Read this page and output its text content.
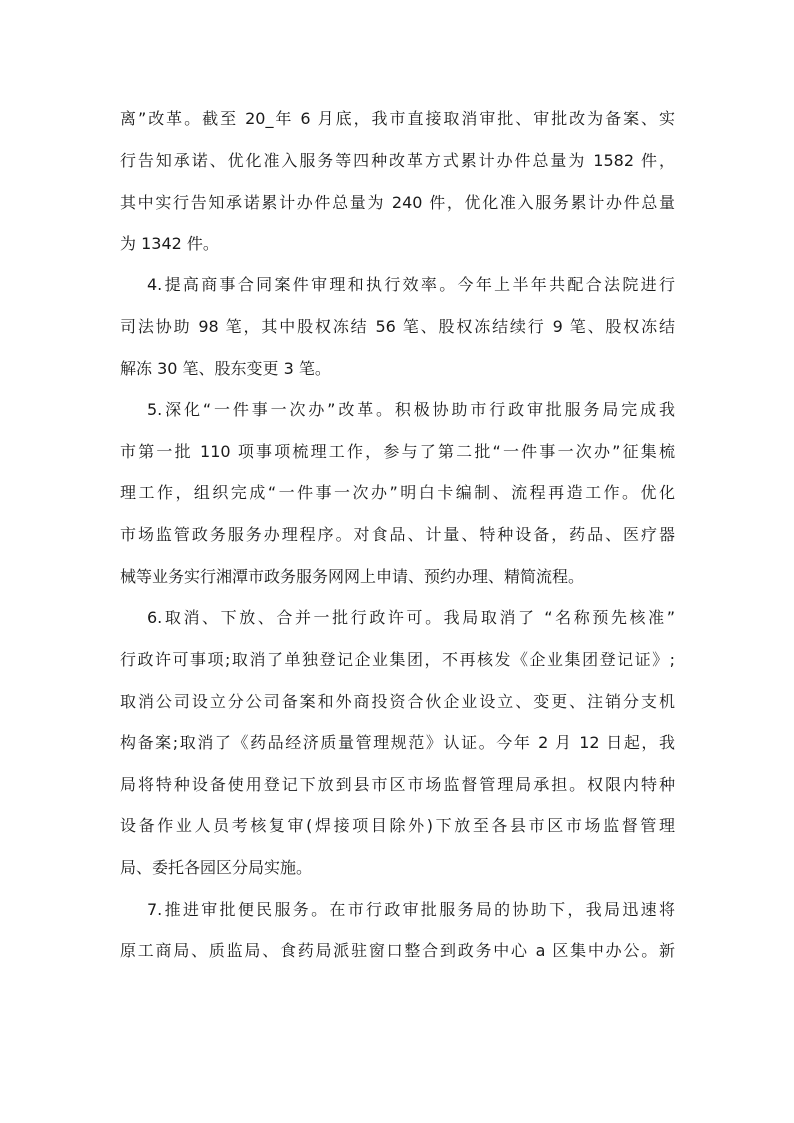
离”改革。截至 20_年 6 月底，我市直接取消审批、审批改为备案、实
行告知承诺、优化准入服务等四种改革方式累计办件总量为 1582 件，
其中实行告知承诺累计办件总量为 240 件，优化准入服务累计办件总量
为 1342 件。
4.提高商事合同案件审理和执行效率。今年上半年共配合法院进行
司法协助 98 笔，其中股权冻结 56 笔、股权冻结续行 9 笔、股权冻结
解冻 30 笔、股东变更 3 笔。
5.深化“一件事一次办”改革。积极协助市行政审批服务局完成我
市第一批 110 项事项梳理工作，参与了第二批“一件事一次办”征集梳
理工作，组织完成“一件事一次办”明白卡编制、流程再造工作。优化
市场监管政务服务办理程序。对食品、计量、特种设备，药品、医疗器
械等业务实行湘潭市政务服务网网上申请、预约办理、精简流程。
6.取消、下放、合并一批行政许可。我局取消了 “名称预先核准”
行政许可事项;取消了单独登记企业集团，不再核发《企业集团登记证》;
取消公司设立分公司备案和外商投资合伙企业设立、变更、注销分支机
构备案;取消了《药品经济质量管理规范》认证。今年 2 月 12 日起，我
局将特种设备使用登记下放到县市区市场监督管理局承担。权限内特种
设备作业人员考核复审(焊接项目除外)下放至各县市区市场监督管理
局、委托各园区分局实施。
7.推进审批便民服务。在市行政审批服务局的协助下，我局迅速将
原工商局、质监局、食药局派驻窗口整合到政务中心 a 区集中办公。新
